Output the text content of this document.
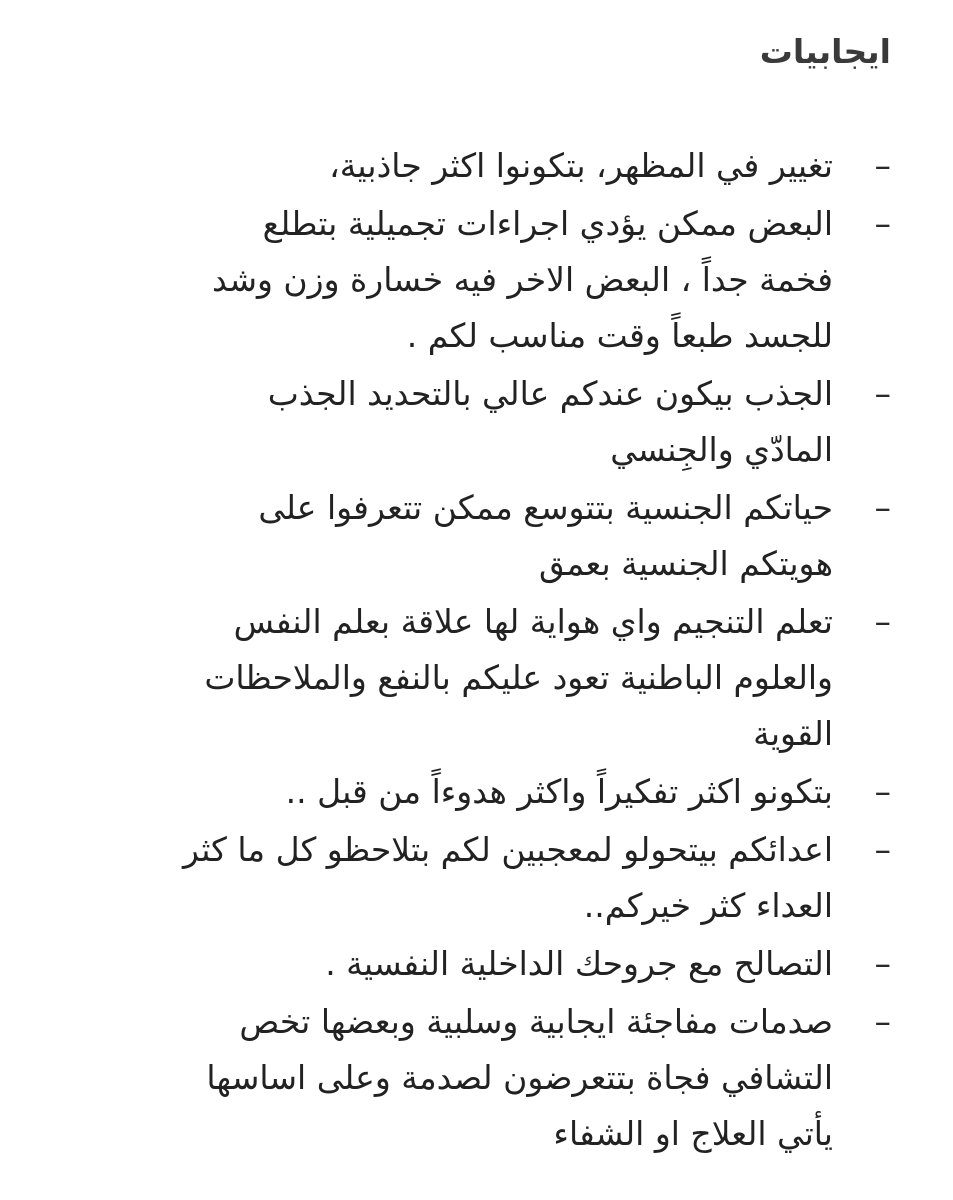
ايجابيات
–
تغيير في المظهر، بتكونوا اكثر جاذبية،
–
البعض ممكن يؤدي اجراءات تجميلية بتطلع
فخمة جداً ، البعض الاخر فيه خسارة وزن وشد
للجسد طبعاً وقت مناسب لكم .
–
الجذب بيكون عندكم عالي بالتحديد الجذب
المادّي والجِنسي
–
حياتكم الجنسية بتتوسع ممكن تتعرفوا على
هويتكم الجنسية بعمق
–
تعلم التنجيم واي هواية لها علاقة بعلم النفس
والعلوم الباطنية تعود عليكم بالنفع والملاحظات
القوية
–
بتكونو اكثر تفكيراً واكثر هدوءاً من قبل ..
–
اعدائكم بيتحولو لمعجبين لكم بتلاحظو كل ما كثر
العداء كثر خيركم..
–
التصالح مع جروحك الداخلية النفسية .
–
صدمات مفاجئة ايجابية وسلبية وبعضها تخص
التشافي فجاة بتتعرضون لصدمة وعلى اساسها
يأتي العلاج او الشفاء
